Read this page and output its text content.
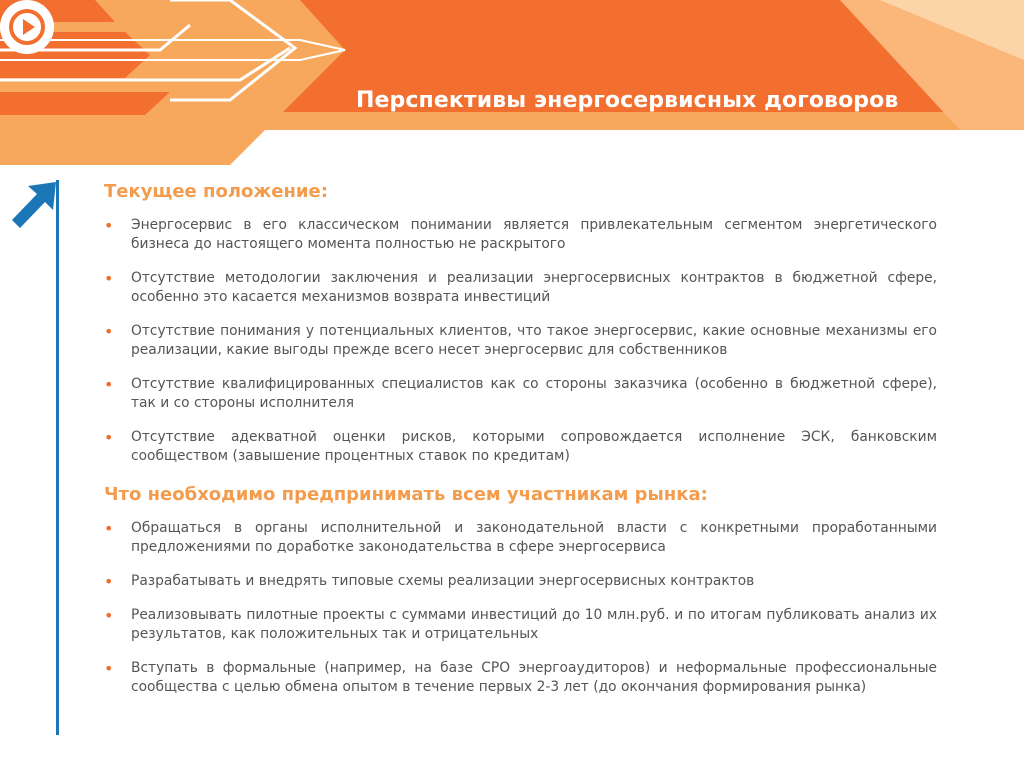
Перспективы энергосервисных договоров
Текущее положение:
• Энергосервис в его классическом понимании является привлекательным сегментом энергетического бизнеса до настоящего момента полностью не раскрытого
• Отсутствие методологии заключения и реализации энергосервисных контрактов в бюджетной сфере, особенно это касается механизмов возврата инвестиций
• Отсутствие понимания у потенциальных клиентов, что такое энергосервис, какие основные механизмы его реализации, какие выгоды прежде всего несет энергосервис для собственников
• Отсутствие квалифицированных специалистов как со стороны заказчика (особенно в бюджетной сфере), так и со стороны исполнителя
• Отсутствие адекватной оценки рисков, которыми сопровождается исполнение ЭСК, банковским сообществом (завышение процентных ставок по кредитам)
Что необходимо предпринимать всем участникам рынка:
• Обращаться в органы исполнительной и законодательной власти с конкретными проработанными предложениями по доработке законодательства в сфере энергосервиса
• Разрабатывать и внедрять типовые схемы реализации энергосервисных контрактов
• Реализовывать пилотные проекты с суммами инвестиций до 10 млн.руб. и по итогам публиковать анализ их результатов, как положительных так и отрицательных
• Вступать в формальные (например, на базе СРО энергоаудиторов) и неформальные профессиональные сообщества с целью обмена опытом в течение первых 2-3 лет (до окончания формирования рынка)
